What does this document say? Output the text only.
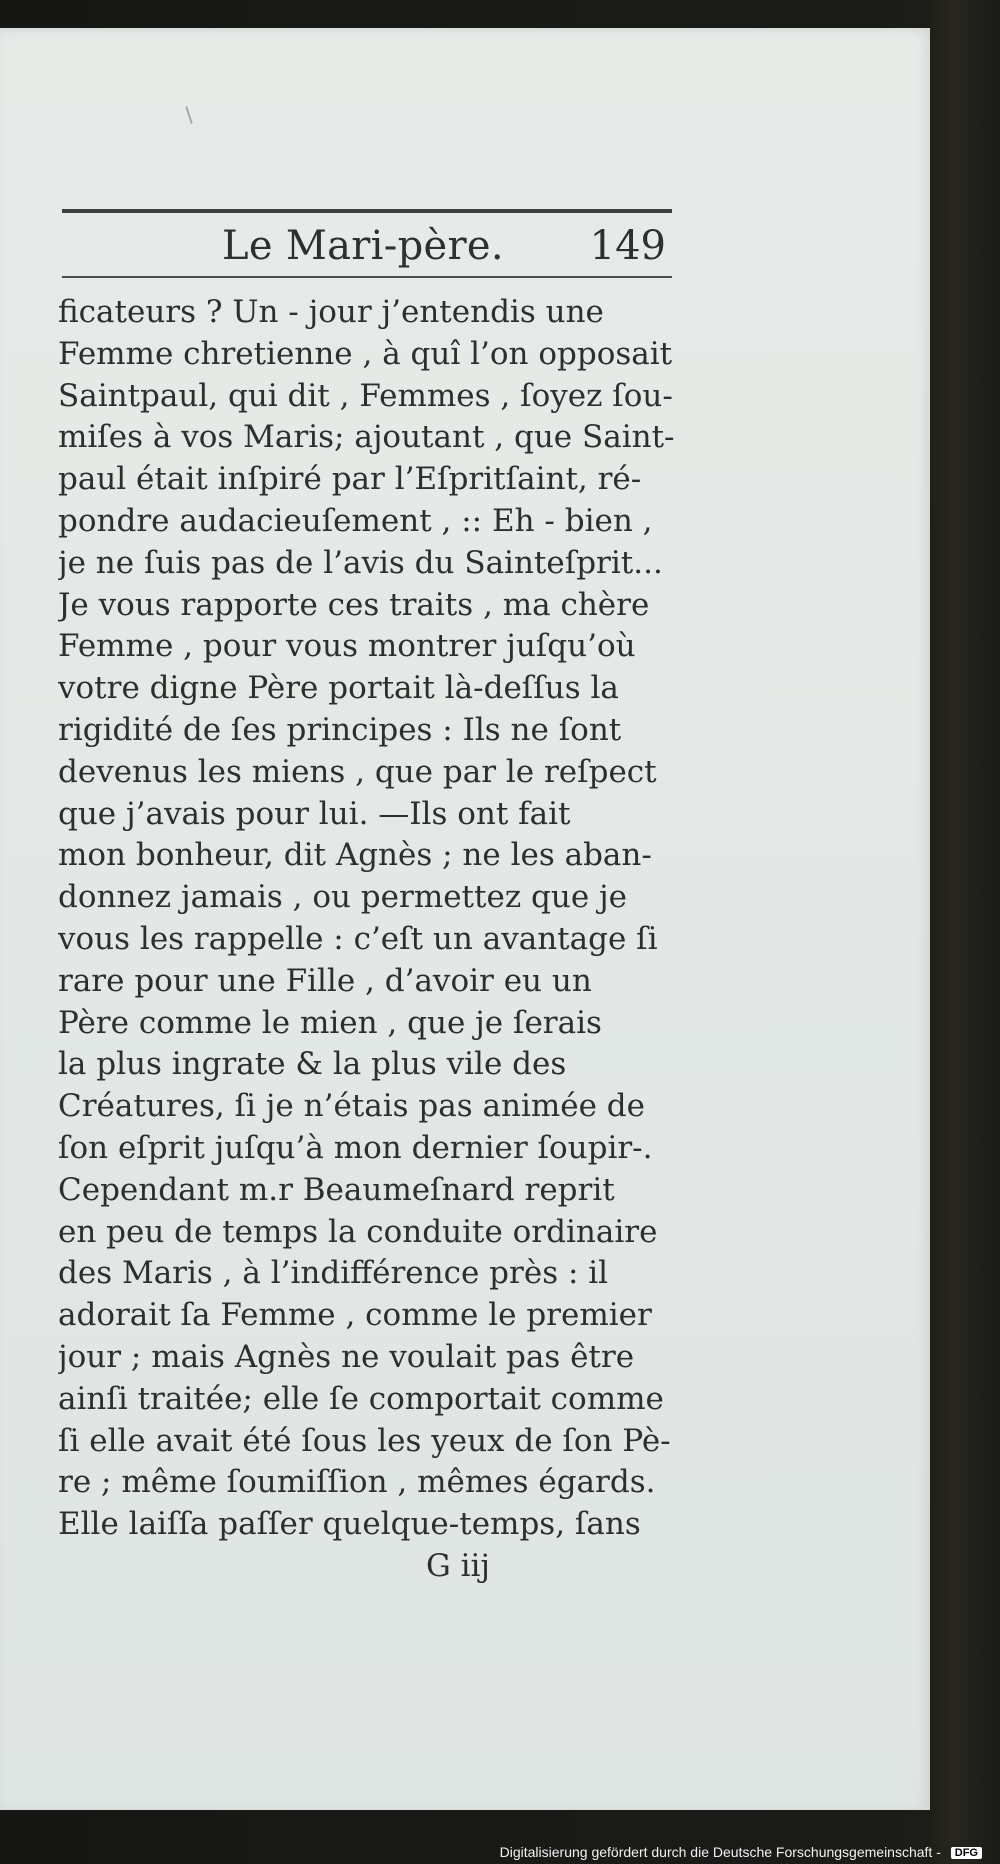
Le Mari-père. 149
ficateurs ? Un - jour j’entendis une
Femme chretienne , à quî l’on opposait
Saintpaul, qui dit , Femmes , ſoyez ſou-
miſes à vos Maris; ajoutant , que Saint-
paul était inſpiré par l’Eſpritſaint, ré-
pondre audacieuſement , :: Eh - bien ,
je ne ſuis pas de l’avis du Sainteſprit...
Je vous rapporte ces traits , ma chère
Femme , pour vous montrer juſqu’où
votre digne Père portait là-deſſus la
rigidité de ſes principes : Ils ne ſont
devenus les miens , que par le reſpect
que j’avais pour lui. —Ils ont fait
mon bonheur, dit Agnès ; ne les aban-
donnez jamais , ou permettez que je
vous les rappelle : c’eſt un avantage ſi
rare pour une Fille , d’avoir eu un
Père comme le mien , que je ſerais
la plus ingrate & la plus vile des
Créatures, ſi je n’étais pas animée de
ſon eſprit juſqu’à mon dernier ſoupir-.
Cependant m.r Beaumeſnard reprit
en peu de temps la conduite ordinaire
des Maris , à l’indifférence près : il
adorait ſa Femme , comme le premier
jour ; mais Agnès ne voulait pas être
ainſi traitée; elle ſe comportait comme
ſi elle avait été ſous les yeux de ſon Pè-
re ; même ſoumiſſion , mêmes égards.
Elle laiſſa paſſer quelque-temps, ſans
G iij
Digitalisierung gefördert durch die Deutsche Forschungsgemeinschaft - DFG
